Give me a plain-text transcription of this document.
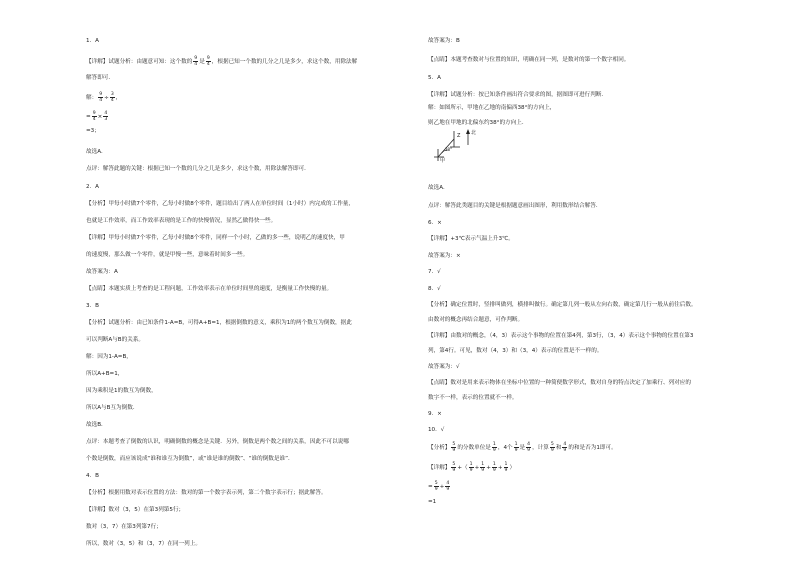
1．A
【详解】试题分析：由题意可知：这个数的 $\frac{9}{4}$ 是 $\frac{9}{4}$ ，根据已知一个数的几分之几是多少，求这个数，用除法解
解答即可．
解： $\frac{9}{4} \div \frac{3}{4}$ ，
= $\frac{9}{4} \times \frac{4}{3}$
=3；
故选A．
点评：解答此题的关键：根据已知一个数的几分之几是多少，求这个数，用除法解答即可．
2．A
【分析】甲每小时做7个零件，乙每小时做8个零件，题目给出了两人在单位时间（1小时）内完成的工作量，
也就是工作效率，而工作效率表现的是工作的快慢情况，显然乙做得快一些。
【详解】甲每小时做7个零件，乙每小时做8个零件，同样一个小时，乙做的多一些，说明乙的速度快，甲
的速度慢，那么做一个零件，就是甲慢一些，意味着时间多一些。
故答案为：A
【点睛】本题实质上考查的是工程问题，工作效率表示在单位时间里的速度，是衡量工作快慢的量。
3．B
【分析】试题分析：由已知条件1-A=B，可得A+B=1，根据倒数的意义，乘积为1的两个数互为倒数，据此
可以判断A与B的关系。
解：因为1-A=B，
所以A+B=1，
因为乘积是1的数互为倒数，
所以A与B互为倒数．
故选B．
点评：本题考查了倒数的认识，明确倒数的概念是关键．另外，倒数是两个数之间的关系，因此不可以说哪
个数是倒数，而应该说成“谁和谁互为倒数”，或“谁是谁的倒数”、“谁的倒数是谁”．
4．B
【分析】根据用数对表示位置的方法：数对的第一个数字表示列，第二个数字表示行；据此解答。
【详解】数对（3，5）在第3列第5行；
数对（3，7）在第3列第7行；
所以，数对（3，5）和（3，7）在同一列上。
故答案为：B
【点睛】本题考查数对与位置的知识，明确在同一列，是数对的第一个数字相同。
5．A
【详解】试题分析：按已知条件画出符合要求的图，据图即可进行判断．
解：如图所示，甲地在乙地的南偏西38°的方向上，
则乙地在甲地的北偏东约38°的方向上．
北
Z
38°
甲
故选A．
点评：解答此类题目的关键是根据题意画出图形，利用数形结合解答．
6．×
【详解】+3℃表示气温上升3℃。
故答案为：×
7．√
8．√
【分析】确定位置时，竖排叫做列，横排叫做行。确定第几列一般从左向右数，确定第几行一般从前往后数。
由数对的概念再结合题意，可作判断。
【详解】由数对的概念，（4，3）表示这个事物的位置在第4列，第3行，（3，4）表示这个事物的位置在第3
列，第4行。可见，数对（4，3）和（3，4）表示的位置是不一样的。
故答案为：√
【点睛】数对是用来表示物体在坐标中位置的一种简便数学形式，数对自身的特点决定了加乘行、列对应的
数字不一样，表示的位置就不一样。
9．×
10．√
【分析】 $\frac{5}{9}$ 的分数单位是 $\frac{1}{9}$ ，4个 $\frac{1}{9}$ 是 $\frac{4}{9}$ ，计算 $\frac{5}{9}$ 和 $\frac{4}{9}$ 的和是否为1即可。
【详解】 $\frac{5}{9}$ +（ $\frac{1}{9} + \frac{1}{9} + \frac{1}{9} + \frac{1}{9}$ ）
= $\frac{5}{9} + \frac{4}{9}$
=1
